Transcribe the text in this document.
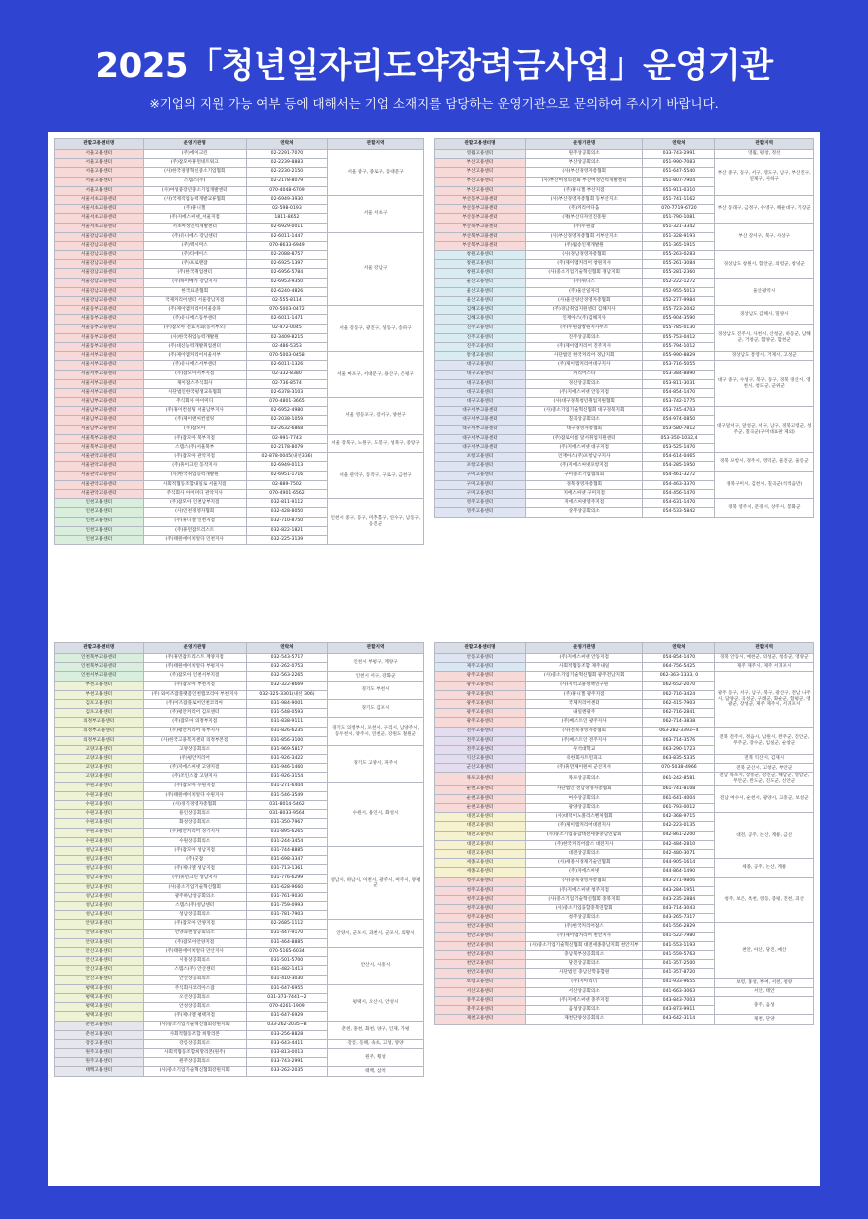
2025「청년일자리도약장려금사업」운영기관
※기업의 지원 가능 여부 등에 대해서는 기업 소재지를 담당하는 운영기관으로 문의하여 주시기 바랍니다.
관할고용센터명	운영기관명	연락처	관할지역
서울고용센터	(주)에이크린	02-2291-7070	서울 중구, 종로구, 동대문구
서울고용센터	(주)잡모아휴먼네트워크	02-2239-8883	
서울고용센터	(사)한국경영혁신중소기업협회	02-2230-2150	
서울고용센터	스텝스(주)	02-2178-8079	
서울고용센터	(사)여성중장년중소기업개발센터	070-4048-6709	
서울서초고용센터	(사)국제직업능력개발교류협회	02-6949-3930	서울 서초구
서울서초고용센터	(주)휴니젤	02-598-0193	
서울서초고용센터	(주)지에스씨넷_서울지점	1811-8652	
서울서초고용센터	서초여성인력개발센터	02-6929-0011	
서울강남고용센터	(주)유니에스 강남센터	02-6011-1447	서울 강남구
서울강남고용센터	(주)맥시머스	070-8633-6949	
서울강남고용센터	(주)티에이스	02-2088-8757	
서울강남고용센터	(주)프로맨잡	02-6925-1397	
서울강남고용센터	(주)한국취업센터	02-6956-5784	
서울강남고용센터	(주)하이메카 강남지사	02-6953-9350	
서울강남고용센터	한국표준협회	02-6240-4826	
서울강남고용센터	국제커리어센터 서울강남지점	02-555-8114	
서울동부고용센터	(주)제이엠커리어서울송파	070-5003-0472	서울 강동구, 광진구, 성동구, 송파구
서울동부고용센터	(주)유니에스동부센터	02-6011-1471	
서울동부고용센터	(주)잡모아 전효지회(동서부오)	02-472-0045	
서울동부고용센터	(사)한국취업능력개발원	02-3409-8215	
서울동부고용센터	(주)대신능력개발취업센터	02-486-5353	
서울서부고용센터	(주)제이엠커리어서울서부	070-5003-0458	서울 마포구, 서대문구, 용산구, 은평구
서울서부고용센터	(주)유니에스서부센터	02-6011-1326	
서울서부고용센터	(주)잡모아서부지점	02-332-8380	
서울서부고용센터	제이잡스주식회사	02-736-8574	
서울서부고용센터	사단법인한국평생교육협회	02-6378-3103	
서울남부고용센터	주식회사 아이미디	070-4801-3665	서울 영등포구, 강서구, 양천구
서울남부고용센터	(주)휴이컨설팅 서울남부지사	02-6952-4980	
서울남부고용센터	(주)제이엔씨컨설팅	02-2038-1059	
서울남부고용센터	(주)잡모아	02-2632-6868	
서울북부고용센터	(주)잡모아 북부지점	02-991-7743	서울 강북구, 노원구, 도봉구, 성북구, 중랑구
서울북부고용센터	스텝스(주)서울북부	02-2178-8079	
서울관악고용센터	(주)잡모아 관악지점	02-878-0045(내선336)	서울 관악구, 동작구, 구로구, 금천구
서울관악고용센터	(주)휴이크린 동작지사	02-6949-0113	
서울관악고용센터	(사)한국취업능력개발원	02-6951-1716	
서울관악고용센터	사회적협동조합내일로 서울지점	02-889-7502	
서울관악고용센터	주식회사 아이미디 관악지사	070-4901-6562	
인천고용센터	(주)잡모아 인천남부지점	032-811-9112	인천시 중구, 동구, 미추홀구, 연수구, 남동구, 옹진군
인천고용센터	(사)인천경영자협회	032-428-8050	
인천고용센터	(주)휴니젤 인천지점	032-710-8750	
인천고용센터	(주)휴먼잡트리스트	032-822-1821	
인천고용센터	(주)태원에이치알다 인천지사	032-225-3139	
관할고용센터명	운영기관명	연락처	관할지역
영월고용센터	원주상공회의소	033-743-2991	영월, 평창, 정선
부산고용센터	부산상공회의소	051-990-7083	부산 중구, 동구, 서구, 영도구, 남구, 부산진구, 연제구, 사하구
부산고용센터	(사)부산경영자총협회	051-647-5540	
부산고용센터	(사)부산여성의전화 부산여성인력개발센터	051-807-7904	
부산고용센터	(주)휴니젤 부산지점	051-911-0310	
부산동부고용센터	(사)부산경영자총협회 동부산지소	051-741-1162	부산 동래구, 금정구, 수영구, 해운대구, 기장군
부산동부고용센터	(주)커리어다움	070-7719-6720	
부산동부고용센터	(재)부산디자인진흥원	051-790-1081	
부산북부고용센터	(주)두원잡	051-321-3342	부산 강서구, 북구, 사상구
부산북부고용센터	(사)부산경영자총협회 서부산지소	051-328-9193	
부산북부고용센터	(주)월송인재개발원	051-365-1915	
창원고용센터	(사)경남경영자총협회	055-263-0283	경상남도 창원시, 함안군, 의령군, 창녕군
창원고용센터	(주)제이엠커리어 창원지사	055-261-3084	
창원고용센터	(사)중소기업기술혁신협회 경남지회	055-281-2360	
울산고용센터	(주)위디스	052-222-1272	울산광역시
울산고용센터	(주)울산일자리	052-955-5013	
울산고용센터	(사)울산양산경영자총협회	052-277-9984	
김해고용센터	(주)경남취업지원센터 김해지사	055-723-2042	경상남도 김해시, 밀양시
김해고용센터	인재아스(주)김해지사	055-904-3590	
진주고용센터	(주)두원잡창원지사무소	055-785-0130	경상남도 진주시, 사천시, 산청군, 하동군, 남해군, 거창군, 함양군, 합천군
진주고용센터	진주상공회의소	055-753-0412	
진주고용센터	(주)제이엠커리어 진주지사	055-794-1012	
통영고용센터	사단법인 한국커리어 경남지회	055-990-8829	경상남도 통영시, 거제시, 고성군
대구고용센터	(주)제이엠커리어대구지사	053-716-5055	대구 중구, 수성구, 북구, 동구, 경북 경산시, 영천시, 청도군, 군위군
대구고용센터	커리어스타	053-384-8890	
대구고용센터	경산상공회의소	053-811-3031	
대구고용센터	(주)지에스씨넷 안동지점	054-854-1470	
대구고용센터	(사)대구경북청년취업지원협회	053-742-1775	
대구서부고용센터	(사)중소기업기술혁신협회 대구경북지회	053-745-4703	대구달서구, 달성군, 서구, 남구, 경북고령군, 성주군, 칠곡군(구미대표판 제외)
대구서부고용센터	칠곡상공회의소	054-974-0850	
대구서부고용센터	대구경영자총협회	053-580-7812	
대구서부고용센터	(주)잡로이룸 달서취업지원센터	053-350-1032,4	
대구서부고용센터	(주)지에스씨넷 대구지점	053-525-1470	
포항고용센터	인재아스(주)포항남구지사	054-614-0465	경북 포항시, 경주시, 영덕군, 울진군, 울릉군
포항고용센터	(주)지에스씨넷포항지점	054-285-1950	
구미고용센터	구미중소기업협의회	054-461-3272	경북구미시, 김천시, 칠곡군(석적읍만)
구미고용센터	경북경영자총협회	054-463-3370	
구미고용센터	지에스씨넷 구미지점	054-456-1470	
영주고용센터	지에스씨넷영주지점	054-631-1470	경북 영주시, 문경시, 상주시, 봉화군
영주고용센터	상주상공회의소	054-533-5842	
관할고용센터명	운영기관명	연락처	관할지역
인천북부고용센터	(주)휴먼잡트리스트 계양지점	032-543-5717	인천시 부평구, 계양구
인천북부고용센터	(주)태원에이치알다 부평지사	032-262-0753	
인천서부고용센터	(주)잡모아 인천서부지점	032-563-2265	인천시 서구, 강화군
부천고용센터	(주)잡모아 부천지점	032-322-8669	경기도 부천시
부천고용센터	(주) 와이즈잡플랫폼인천랩코리아 부천지사	032-325-3301(내선 306)	
김포고용센터	(주)이즈잡플로어인천코리아	031-984-9001	경기도 김포시
김포고용센터	(주)평안커리어 김포센터	031-548-0593	
의정부고용센터	(주)잡모아 의정부지점	031-838-9111	경기도 의정부시, 포천시, 구리시, 남양주시, 동두천시, 양주시, 연천군, 강원도 철원군
의정부고용센터	(주)평안커리어 북부지사	031-826-6235	
의정부고용센터	(사)한국고용복지센터 의정부본점	031-856-3100	
고양고용센터	고양상공회의소	031-969-5817	경기도 고양시, 파주시
고양고용센터	(주)평안커리어	031-926-3422	
고양고용센터	(주)지에스씨넷 고양지점	031-946-1460	
고양고용센터	(주)조인스잡 고양지사	031-926-3154	
수원고용센터	(주)잡모아 수원지점	031-271-6404	수원시, 용인시, 화성시
수원고용센터	(주)태원에이치알다 수원지사	031-546-3549	
수원고용센터	(사)경기경영자총협회	031-8014-5462	
수원고용센터	용인상공회의소	031-8033-9564	
수원고용센터	화성상공회의소	031-350-7967	
수원고용센터	(주)평안커리어 경기지사	031-895-6265	
수원고용센터	수원상공회의소	031-244-3454	
성남고용센터	(주)잡모아 성남지점	031-744-8885	성남시, 하남시, 이천시, 광주시, 여주시, 양평군
성남고용센터	(주)굿잡	031-698-3347	
성남고용센터	(주)제니엘 성남지점	031-713-1361	
성남고용센터	(주)휴먼크린 성남지사	031-776-6299	
성남고용센터	(사)중소기업기술혁신협회	031-628-9660	
성남고용센터	광주하남상공회의소	031-761-9030	
성남고용센터	스텝스(주)성남센터	031-759-0993	
성남고용센터	성남상공회의소	031-781-7903	
안양고용센터	(주)잡모아 안양지점	02-2685-1112	안양시, 군포시, 과천시, 군포시, 의왕시
안양고용센터	안양과천상공회의소	031-447-9170	
안양고용센터	(주)잡모아안양지점	031-464-8885	
안산고용센터	(주)태원에이치알다 안산지사	070-5165-6034	안산시, 시흥시
안산고용센터	시흥상공회의소	031-501-5700	
안산고용센터	스텝스(주) 안산센터	031-482-1413	
안산고용센터	안산상공회의소	031-410-3030	
평택고용센터	주식회사코리아스잡	031-647-6955	평택시, 오산시, 안성시
평택고용센터	오산상공회의소	031-373-7441~2	
평택고용센터	안성상공회의소	070-4261-1909	
평택고용센터	(주)제니엘 평택지점	031-647-6929	
춘천고용센터	(사)중소기업기술혁신협회강원지회	033-262-2035~8	춘천, 홍천, 화천, 양구, 인제, 가평
춘천고용센터	사회적협동조합 희망리본	033-256-8828	
강릉고용센터	강릉상공회의소	033-643-4411	강릉, 동해, 속초, 고성, 양양
원주고용센터	사회적협동조합희망리본(원주)	033-813-0013	원주, 횡성
원주고용센터	원주상공회의소	033-743-2991	
태백고용센터	(사)중소기업기술혁신협회강원지회	033-262-2035	태백, 삼척
관할고용센터명	운영기관명	연락처	관할지역
안동고용센터	(주)지에스씨넷 안동지점	054-854-1470	경북 안동시, 예천군, 의성군, 청송군, 영양군
제주고용센터	사회적협동조합 제주내일	064-756-5425	제주 제주시, 제주 서귀포시
광주고용센터	(사)중소기업기술혁신협회 광주전남지회	062-363-1333, 0	광주 동구, 서구, 남구, 북구, 광산구, 전남 나주시, 담양군, 곡성군, 구례군, 화순군, 함평군, 영광군, 장성군, 제주 제주시, 서귀포시
광주고용센터	(사)지역고용정책연구원	062-652-2070	
광주고용센터	(주)휴니젤 광주지점	062-716-3424	
광주고용센터	국제커리어센터	062-415-7903	
광주고용센터	내일엔광주	062-716-2841	
광주고용센터	(주)베스트인 광주지사	062-714-3838	
전주고용센터	(사)전북경영자총협회	063-282-3393~4	전북 전주시, 정읍시, 남원시, 완주군, 진안군, 무주군, 장수군, 임실군, 순창군
전주고용센터	(주)베스트인 전주지사	063-714-3576	
전주고용센터	우석대학교	063-290-1723	
익산고용센터	유한회사트윈피크	063-835-5335	전북 익산시, 김제시
군산고용센터	(주)휴먼제이원씨 군산지사	070-5038-4966	전북 군산시, 고창군, 부안군
목포고용센터	목포상공회의소	061-242-8581	전남 목포시, 장흥군, 강진군, 해남군, 영암군, 무안군, 완도군, 진도군, 신안군
순천고용센터	사단법인 전남경영자총협회	061-741-8108	전남 여수시, 순천시, 광양시, 고흥군, 보성군
순천고용센터	여수상공회의소	061-641-4004	
순천고용센터	광양상공회의소	061-793-0012	
대전고용센터	(사)대덕이노폴리스벤처협회	042-368-9715	대전, 공주, 논산, 계룡, 금산
대전고용센터	(주)제이엠커리어대전지사	042-223-0135	
대전고용센터	(사)중소기업융합대전세종충남연합회	042-861-2200	
대전고용센터	(주)한국커리어잡스 대전지사	042-484-2810	
대전고용센터	대전상공회의소	042-480-3071	
세종고용센터	(사)세종시경제기술인협회	044-905-1614	세종, 공주, 논산, 계룡
세종고용센터	(주)지에스씨넷	044-864-1490	
청주고용센터	(사)충북경영자총협회	043-271-9806	청주, 보은, 옥천, 영동, 증평, 진천, 괴산
청주고용센터	(주)지에스씨넷 청주지점	043-284-1951	
청주고용센터	(사)중소기업기술혁신협회 충북지회	043-235-2884	
청주고용센터	(사)중소기업융합충북연합회	043-714-3043	
청주고용센터	청주상공회의소	043-265-7317	
천안고용센터	(주)한국커리어잡스	041-556-2829	천안, 아산, 당진, 예산
천안고용센터	(주)제이엠커리어 천안지사	041-522-7980	
천안고용센터	(사)중소기업기술혁신협회 대전세종충남지회 천안지부	041-553-1193	
천안고용센터	충남북부상공회의소	041-559-5763	
천안고용센터	당진상공회의소	041-357-2500	
천안고용센터	사단법인 충남산학융합원	041-357-8720	
보령고용센터	(주)지아리더	041-933-9655	보령, 홍성, 부여, 서천, 청양
서산고용센터	서산상공회의소	041-663-3063	서산, 태안
충주고용센터	(주)지에스씨넷 충주지점	043-843-7003	충주, 음성
충주고용센터	음성상공회의소	043-873-9911	
제천고용센터	제천단양상공회의소	043-642-3114	제천, 단양
